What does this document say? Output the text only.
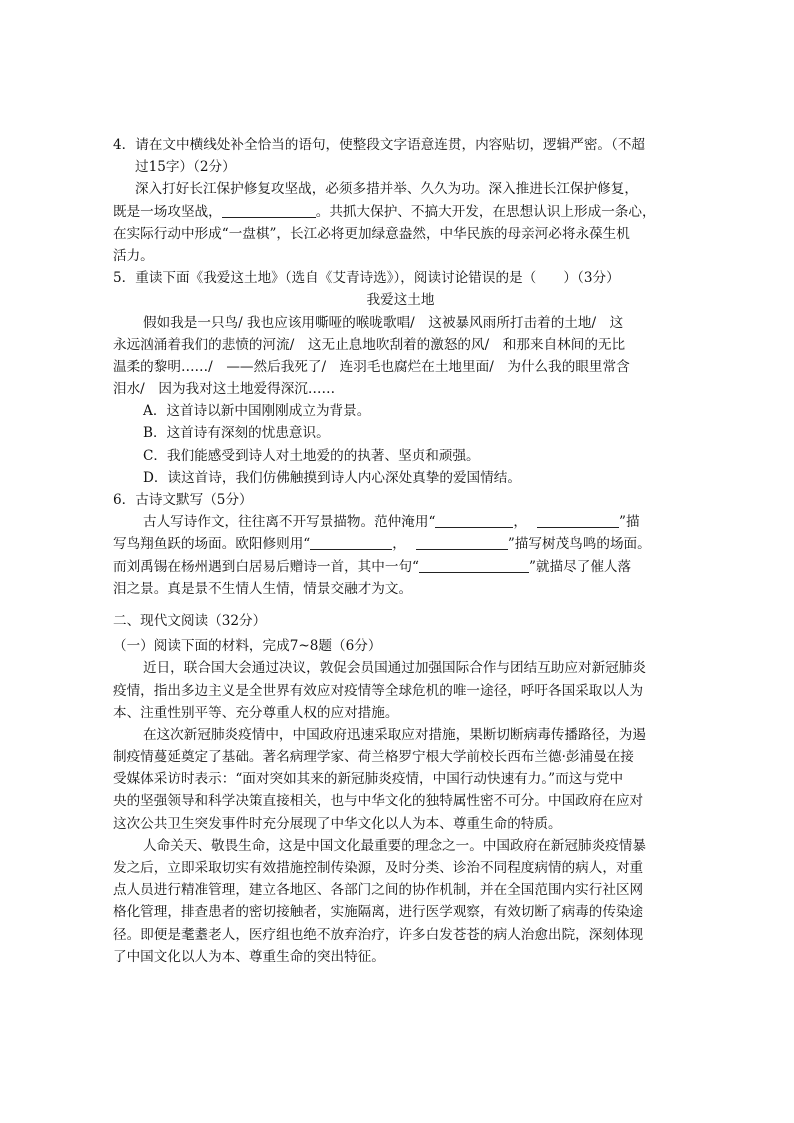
4．请在文中横线处补全恰当的语句，使整段文字语意连贯，内容贴切，逻辑严密。（不超
过15字）（2分）
深入打好长江保护修复攻坚战，必须多措并举、久久为功。深入推进长江保护修复，
既是一场攻坚战，	。共抓大保护、不搞大开发，在思想认识上形成一条心，
在实际行动中形成“一盘棋”，长江必将更加绿意盎然，中华民族的母亲河必将永葆生机
活力。
5．重读下面《我爱这土地》（选自《艾青诗选》），阅读讨论错误的是（　　）（3分）
我爱这土地
假如我是一只鸟/ 我也应该用嘶哑的喉咙歌唱/　这被暴风雨所打击着的土地/　这
永远汹涌着我们的悲愤的河流/　这无止息地吹刮着的激怒的风/　和那来自林间的无比
温柔的黎明……/　——然后我死了/　连羽毛也腐烂在土地里面/　为什么我的眼里常含
泪水/　因为我对这土地爱得深沉……
A．这首诗以新中国刚刚成立为背景。
B．这首诗有深刻的忧患意识。
C．我们能感受到诗人对土地爱的的执著、坚贞和顽强。
D．读这首诗，我们仿佛触摸到诗人内心深处真挚的爱国情结。
6．古诗文默写（5分）
古人写诗作文，往往离不开写景描物。范仲淹用“	，	”描
写鸟翔鱼跃的场面。欧阳修则用“	，	”描写树茂鸟鸣的场面。
而刘禹锡在杨州遇到白居易后赠诗一首，其中一句“	”就描尽了催人落
泪之景。真是景不生情人生情，情景交融才为文。
二、现代文阅读（32分）
（一）阅读下面的材料，完成7~8题（6分）
近日，联合国大会通过决议，敦促会员国通过加强国际合作与团结互助应对新冠肺炎
疫情，指出多边主义是全世界有效应对疫情等全球危机的唯一途径，呼吁各国采取以人为
本、注重性别平等、充分尊重人权的应对措施。
在这次新冠肺炎疫情中，中国政府迅速采取应对措施，果断切断病毒传播路径，为遏
制疫情蔓延奠定了基础。著名病理学家、荷兰格罗宁根大学前校长西布兰德·彭浦曼在接
受媒体采访时表示：“面对突如其来的新冠肺炎疫情，中国行动快速有力。”而这与党中
央的坚强领导和科学决策直接相关，也与中华文化的独特属性密不可分。中国政府在应对
这次公共卫生突发事件时充分展现了中华文化以人为本、尊重生命的特质。
人命关天、敬畏生命，这是中国文化最重要的理念之一。中国政府在新冠肺炎疫情暴
发之后，立即采取切实有效措施控制传染源，及时分类、诊治不同程度病情的病人，对重
点人员进行精准管理，建立各地区、各部门之间的协作机制，并在全国范围内实行社区网
格化管理，排查患者的密切接触者，实施隔离，进行医学观察，有效切断了病毒的传染途
径。即便是耄耋老人，医疗组也绝不放弃治疗，许多白发苍苍的病人治愈出院，深刻体现
了中国文化以人为本、尊重生命的突出特征。
